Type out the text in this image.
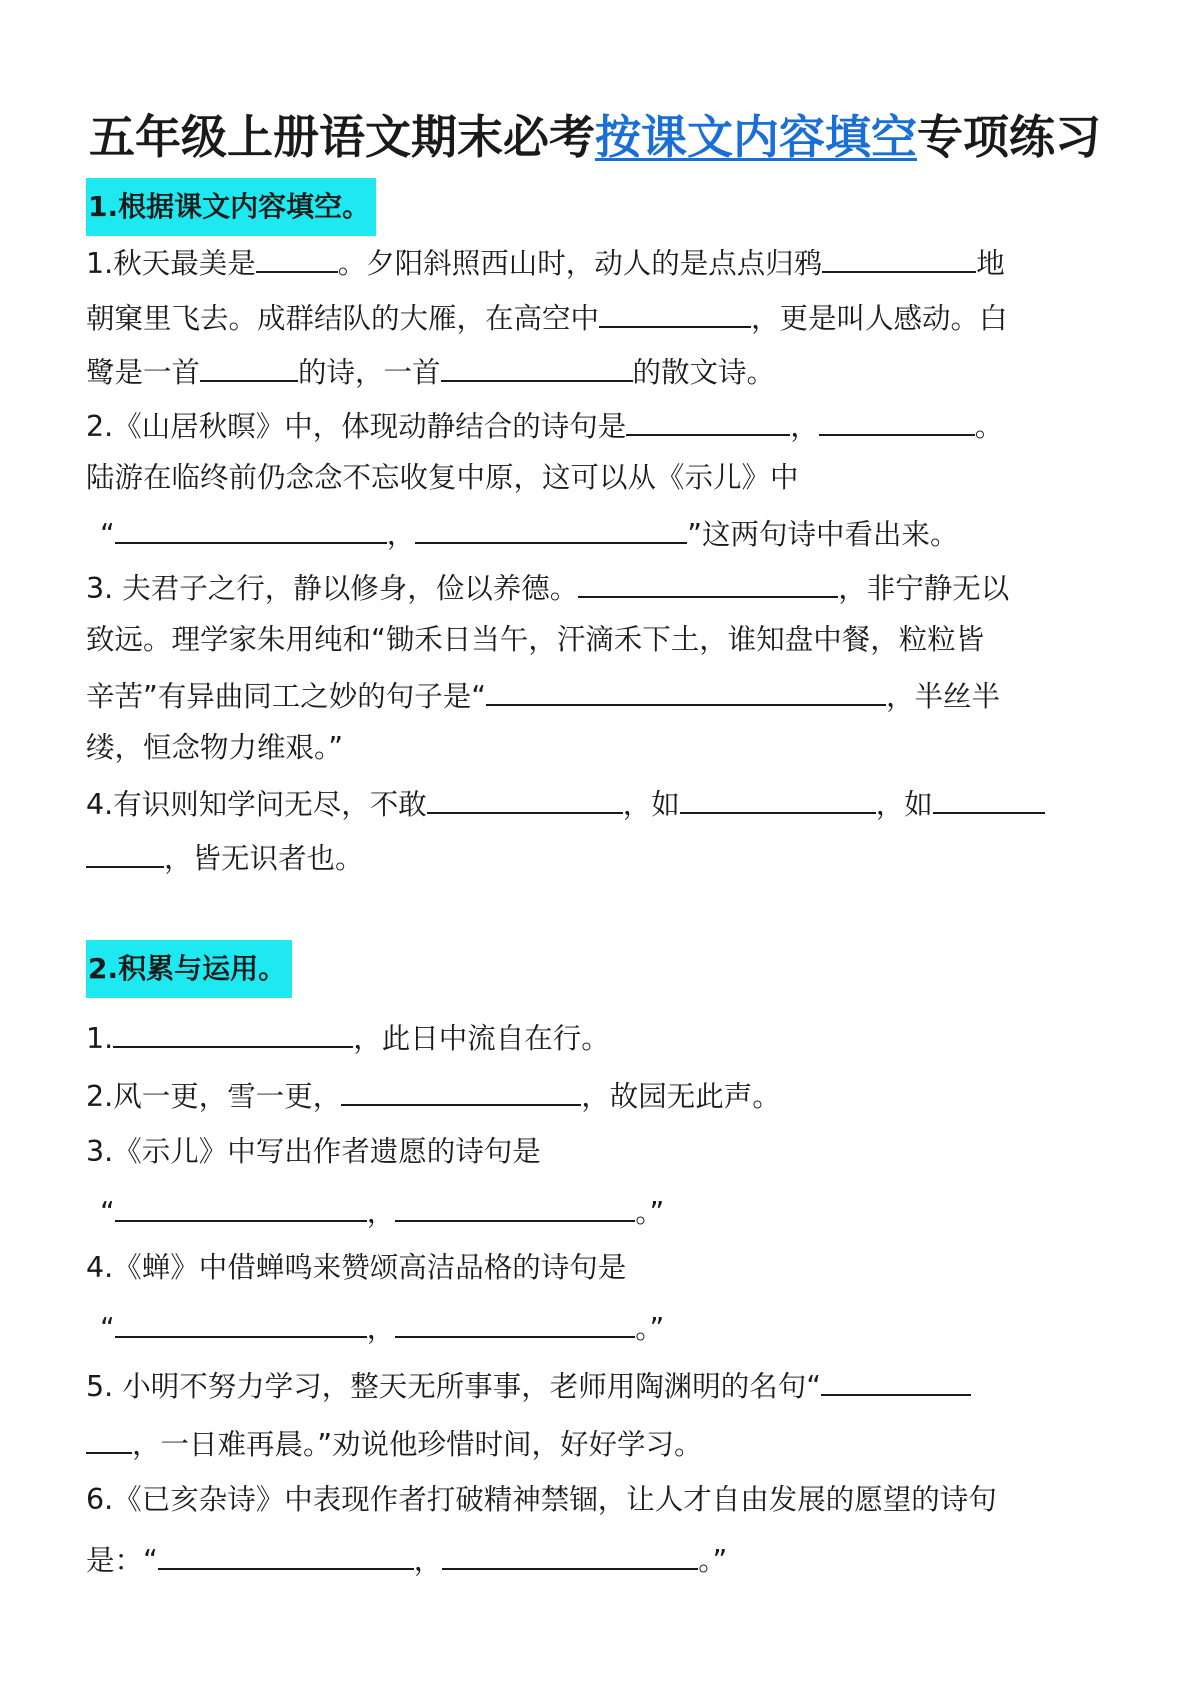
五年级上册语文期末必考按课文内容填空专项练习
1.根据课文内容填空。
1.秋天最美是	。夕阳斜照西山时，动人的是点点归鸦	地
朝窠里飞去。成群结队的大雁，在高空中	，更是叫人感动。白
鹭是一首	的诗，一首	的散文诗。
2.《山居秋暝》中，体现动静结合的诗句是	，	。
陆游在临终前仍念念不忘收复中原，这可以从《示儿》中
“	，	”这两句诗中看出来。
3. 夫君子之行，静以修身，俭以养德。	，非宁静无以
致远。理学家朱用纯和“锄禾日当午，汗滴禾下土，谁知盘中餐，粒粒皆
辛苦”有异曲同工之妙的句子是“	，半丝半
缕，恒念物力维艰。”
4.有识则知学问无尽，不敢	，如	，如
，皆无识者也。
2.积累与运用。
1.	，此日中流自在行。
2.风一更，雪一更，	，故园无此声。
3.《示儿》中写出作者遗愿的诗句是
“	，	。”
4.《蝉》中借蝉鸣来赞颂高洁品格的诗句是
“	，	。”
5. 小明不努力学习，整天无所事事，老师用陶渊明的名句“
，一日难再晨。”劝说他珍惜时间，好好学习。
6.《已亥杂诗》中表现作者打破精神禁锢，让人才自由发展的愿望的诗句
是：“	，	。”
